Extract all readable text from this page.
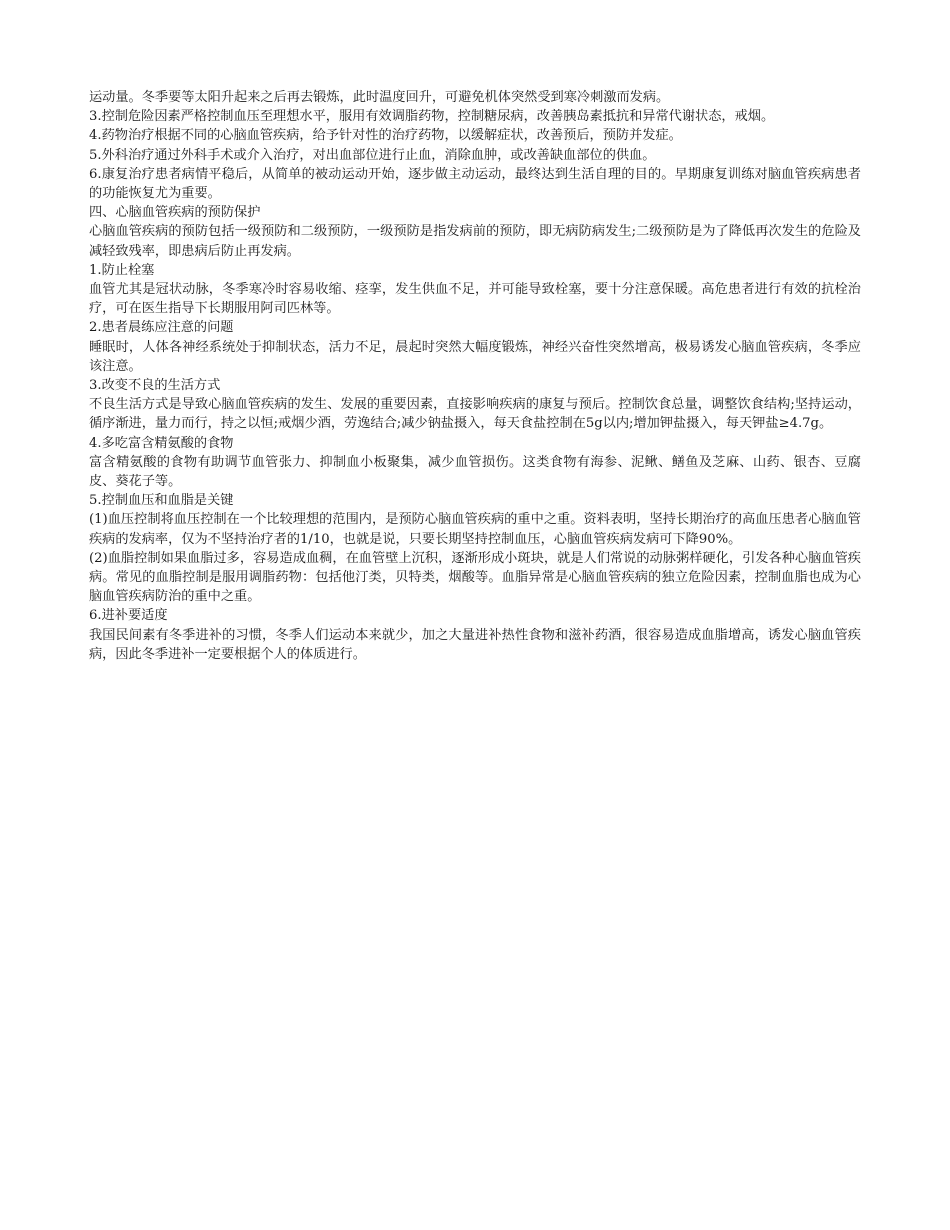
运动量。冬季要等太阳升起来之后再去锻炼，此时温度回升，可避免机体突然受到寒冷刺激而发病。

3.控制危险因素严格控制血压至理想水平，服用有效调脂药物，控制糖尿病，改善胰岛素抵抗和异常代谢状态，戒烟。

4.药物治疗根据不同的心脑血管疾病，给予针对性的治疗药物，以缓解症状，改善预后，预防并发症。

5.外科治疗通过外科手术或介入治疗，对出血部位进行止血，消除血肿，或改善缺血部位的供血。

6.康复治疗患者病情平稳后，从简单的被动运动开始，逐步做主动运动，最终达到生活自理的目的。早期康复训练对脑血管疾病患者的功能恢复尤为重要。

四、心脑血管疾病的预防保护

心脑血管疾病的预防包括一级预防和二级预防，一级预防是指发病前的预防，即无病防病发生;二级预防是为了降低再次发生的危险及减轻致残率，即患病后防止再发病。

1.防止栓塞

血管尤其是冠状动脉，冬季寒冷时容易收缩、痉挛，发生供血不足，并可能导致栓塞，要十分注意保暖。高危患者进行有效的抗栓治疗，可在医生指导下长期服用阿司匹林等。

2.患者晨练应注意的问题

睡眠时，人体各神经系统处于抑制状态，活力不足，晨起时突然大幅度锻炼，神经兴奋性突然增高，极易诱发心脑血管疾病，冬季应该注意。

3.改变不良的生活方式

不良生活方式是导致心脑血管疾病的发生、发展的重要因素，直接影响疾病的康复与预后。控制饮食总量，调整饮食结构;坚持运动，循序渐进，量力而行，持之以恒;戒烟少酒，劳逸结合;减少钠盐摄入，每天食盐控制在5g以内;增加钾盐摄入，每天钾盐≥4.7g。

4.多吃富含精氨酸的食物

富含精氨酸的食物有助调节血管张力、抑制血小板聚集，减少血管损伤。这类食物有海参、泥鳅、鳝鱼及芝麻、山药、银杏、豆腐皮、葵花子等。

5.控制血压和血脂是关键

(1)血压控制将血压控制在一个比较理想的范围内，是预防心脑血管疾病的重中之重。资料表明，坚持长期治疗的高血压患者心脑血管疾病的发病率，仅为不坚持治疗者的1/10，也就是说，只要长期坚持控制血压，心脑血管疾病发病可下降90%。

(2)血脂控制如果血脂过多，容易造成血稠，在血管壁上沉积，逐渐形成小斑块，就是人们常说的动脉粥样硬化，引发各种心脑血管疾病。常见的血脂控制是服用调脂药物：包括他汀类，贝特类，烟酸等。血脂异常是心脑血管疾病的独立危险因素，控制血脂也成为心脑血管疾病防治的重中之重。

6.进补要适度

我国民间素有冬季进补的习惯，冬季人们运动本来就少，加之大量进补热性食物和滋补药酒，很容易造成血脂增高，诱发心脑血管疾病，因此冬季进补一定要根据个人的体质进行。
